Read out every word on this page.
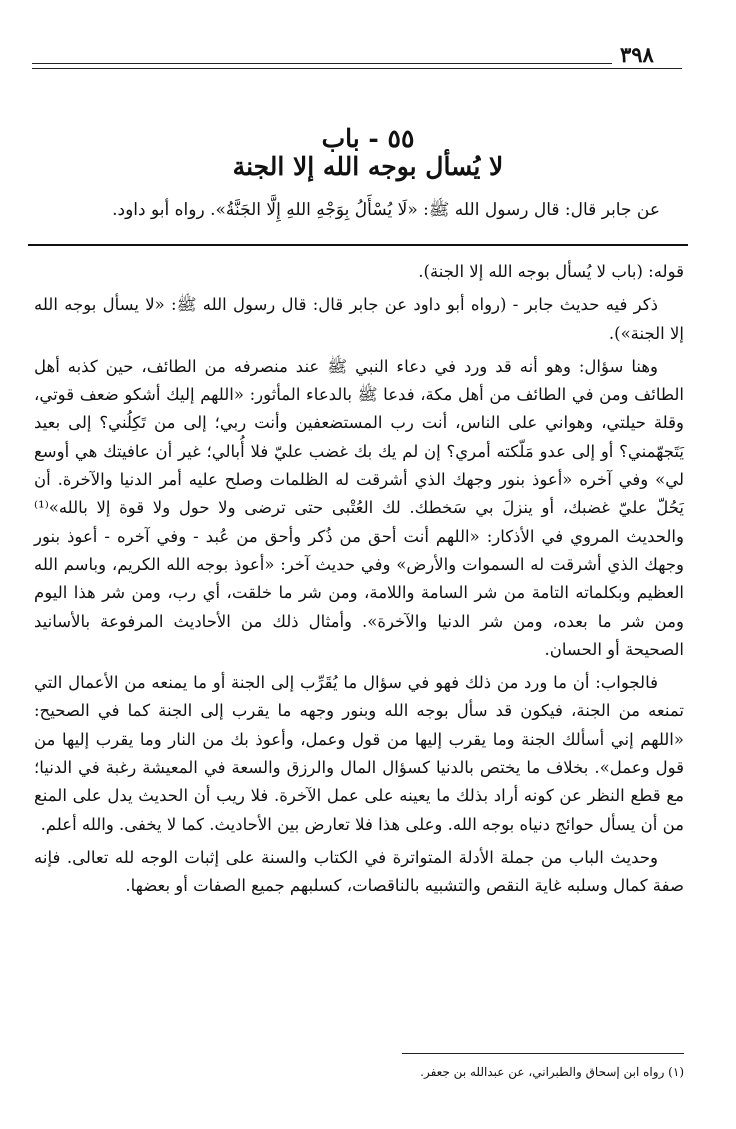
٣٩٨
٥٥ - باب
لا يُسأل بوجه الله إلا الجنة
عن جابر قال: قال رسول الله ﷺ: «لَا يُسْأَلُ بِوَجْهِ اللهِ إِلَّا الجَنَّةُ». رواه أبو داود.

قوله: (باب لا يُسأل بوجه الله إلا الجنة).

ذكر فيه حديث جابر - (رواه أبو داود عن جابر قال: قال رسول الله ﷺ: «لا يسأل بوجه الله إلا الجنة»).

وهنا سؤال: وهو أنه قد ورد في دعاء النبي ﷺ عند منصرفه من الطائف، حين كذبه أهل الطائف ومن في الطائف من أهل مكة، فدعا ﷺ بالدعاء المأثور: «اللهم إليك أشكو ضعف قوتي، وقلة حيلتي، وهواني على الناس، أنت رب المستضعفين وأنت ربي؛ إلى من تَكِلُني؟ إلى بعيد يَتَجهّمني؟ أو إلى عدو مَلّكته أمري؟ إن لم يك بك غضب عليّ فلا أُبالي؛ غير أن عافيتك هي أوسع لي» وفي آخره «أعوذ بنور وجهك الذي أشرقت له الظلمات وصلح عليه أمر الدنيا والآخرة. أن يَحُلّ عليّ غضبك، أو ينزلَ بي سَخطك. لك العُتْبى حتى ترضى ولا حول ولا قوة إلا بالله»⁽¹⁾ والحديث المروي في الأذكار: «اللهم أنت أحق من ذُكر وأحق من عُبد - وفي آخره - أعوذ بنور وجهك الذي أشرقت له السموات والأرض» وفي حديث آخر: «أعوذ بوجه الله الكريم، وباسم الله العظيم وبكلماته التامة من شر السامة واللامة، ومن شر ما خلقت، أي رب، ومن شر هذا اليوم ومن شر ما بعده، ومن شر الدنيا والآخرة». وأمثال ذلك من الأحاديث المرفوعة بالأسانيد الصحيحة أو الحسان.

فالجواب: أن ما ورد من ذلك فهو في سؤال ما يُقَرِّب إلى الجنة أو ما يمنعه من الأعمال التي تمنعه من الجنة، فيكون قد سأل بوجه الله وبنور وجهه ما يقرب إلى الجنة كما في الصحيح: «اللهم إني أسألك الجنة وما يقرب إليها من قول وعمل، وأعوذ بك من النار وما يقرب إليها من قول وعمل». بخلاف ما يختص بالدنيا كسؤال المال والرزق والسعة في المعيشة رغبة في الدنيا؛ مع قطع النظر عن كونه أراد بذلك ما يعينه على عمل الآخرة. فلا ريب أن الحديث يدل على المنع من أن يسأل حوائج دنياه بوجه الله. وعلى هذا فلا تعارض بين الأحاديث. كما لا يخفى. والله أعلم.

وحديث الباب من جملة الأدلة المتواترة في الكتاب والسنة على إثبات الوجه لله تعالى. فإنه صفة كمال وسلبه غاية النقص والتشبيه بالناقصات، كسلبهم جميع الصفات أو بعضها.

(١) رواه ابن إسحاق والطبراني، عن عبدالله بن جعفر.
